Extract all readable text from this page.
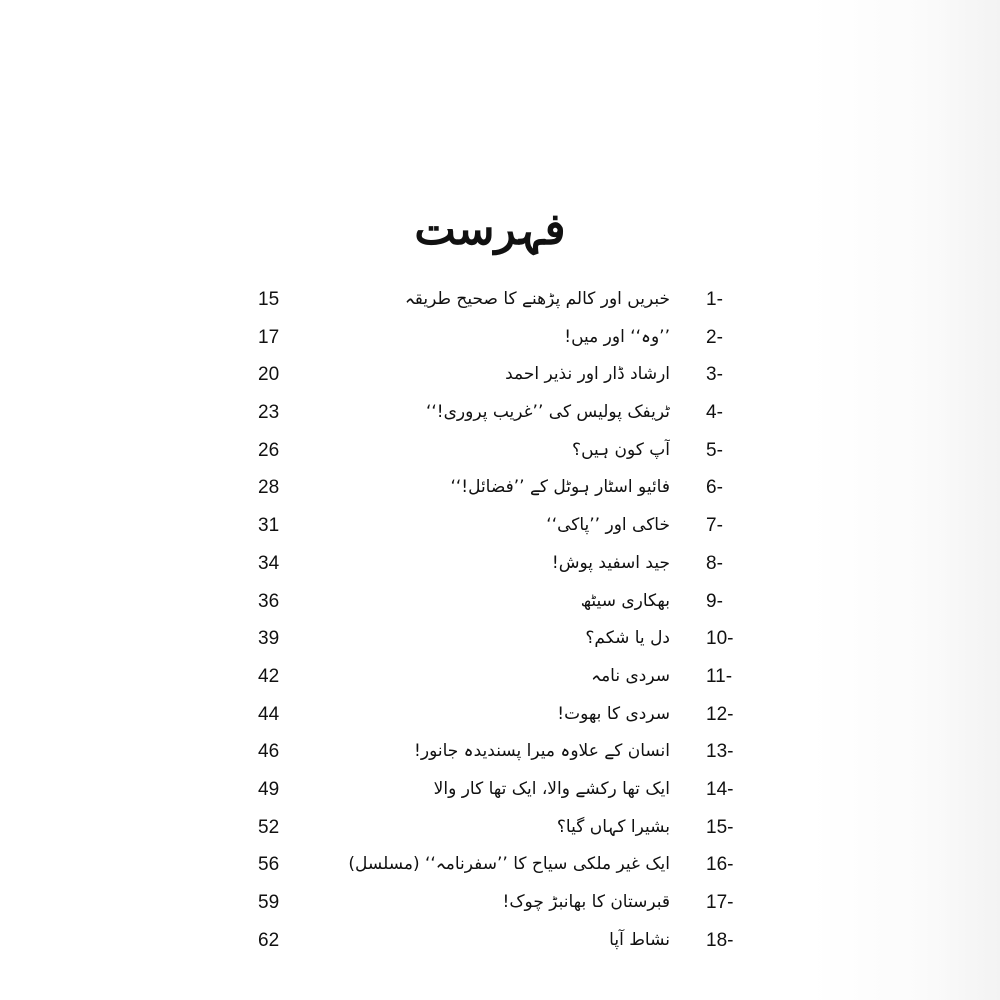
فہرست
1-
خبریں اور کالم پڑھنے کا صحیح طریقہ
15
2-
’’وہ‘‘ اور میں!
17
3-
ارشاد ڈار اور نذیر احمد
20
4-
ٹریفک پولیس کی ’’غریب پروری!‘‘
23
5-
آپ کون ہیں؟
26
6-
فائیو اسٹار ہوٹل کے ’’فضائل!‘‘
28
7-
خاکی اور ’’پاکی‘‘
31
8-
جید اسفید پوش!
34
9-
بھکاری سیٹھ
36
10-
دل یا شکم؟
39
11-
سردی نامہ
42
12-
سردی کا بھوت!
44
13-
انسان کے علاوہ میرا پسندیدہ جانور!
46
14-
ایک تھا رکشے والا، ایک تھا کار والا
49
15-
بشیرا کہاں گیا؟
52
16-
ایک غیر ملکی سیاح کا ’’سفرنامہ‘‘ (مسلسل)
56
17-
قبرستان کا بھانبڑ چوک!
59
18-
نشاط آپا
62
